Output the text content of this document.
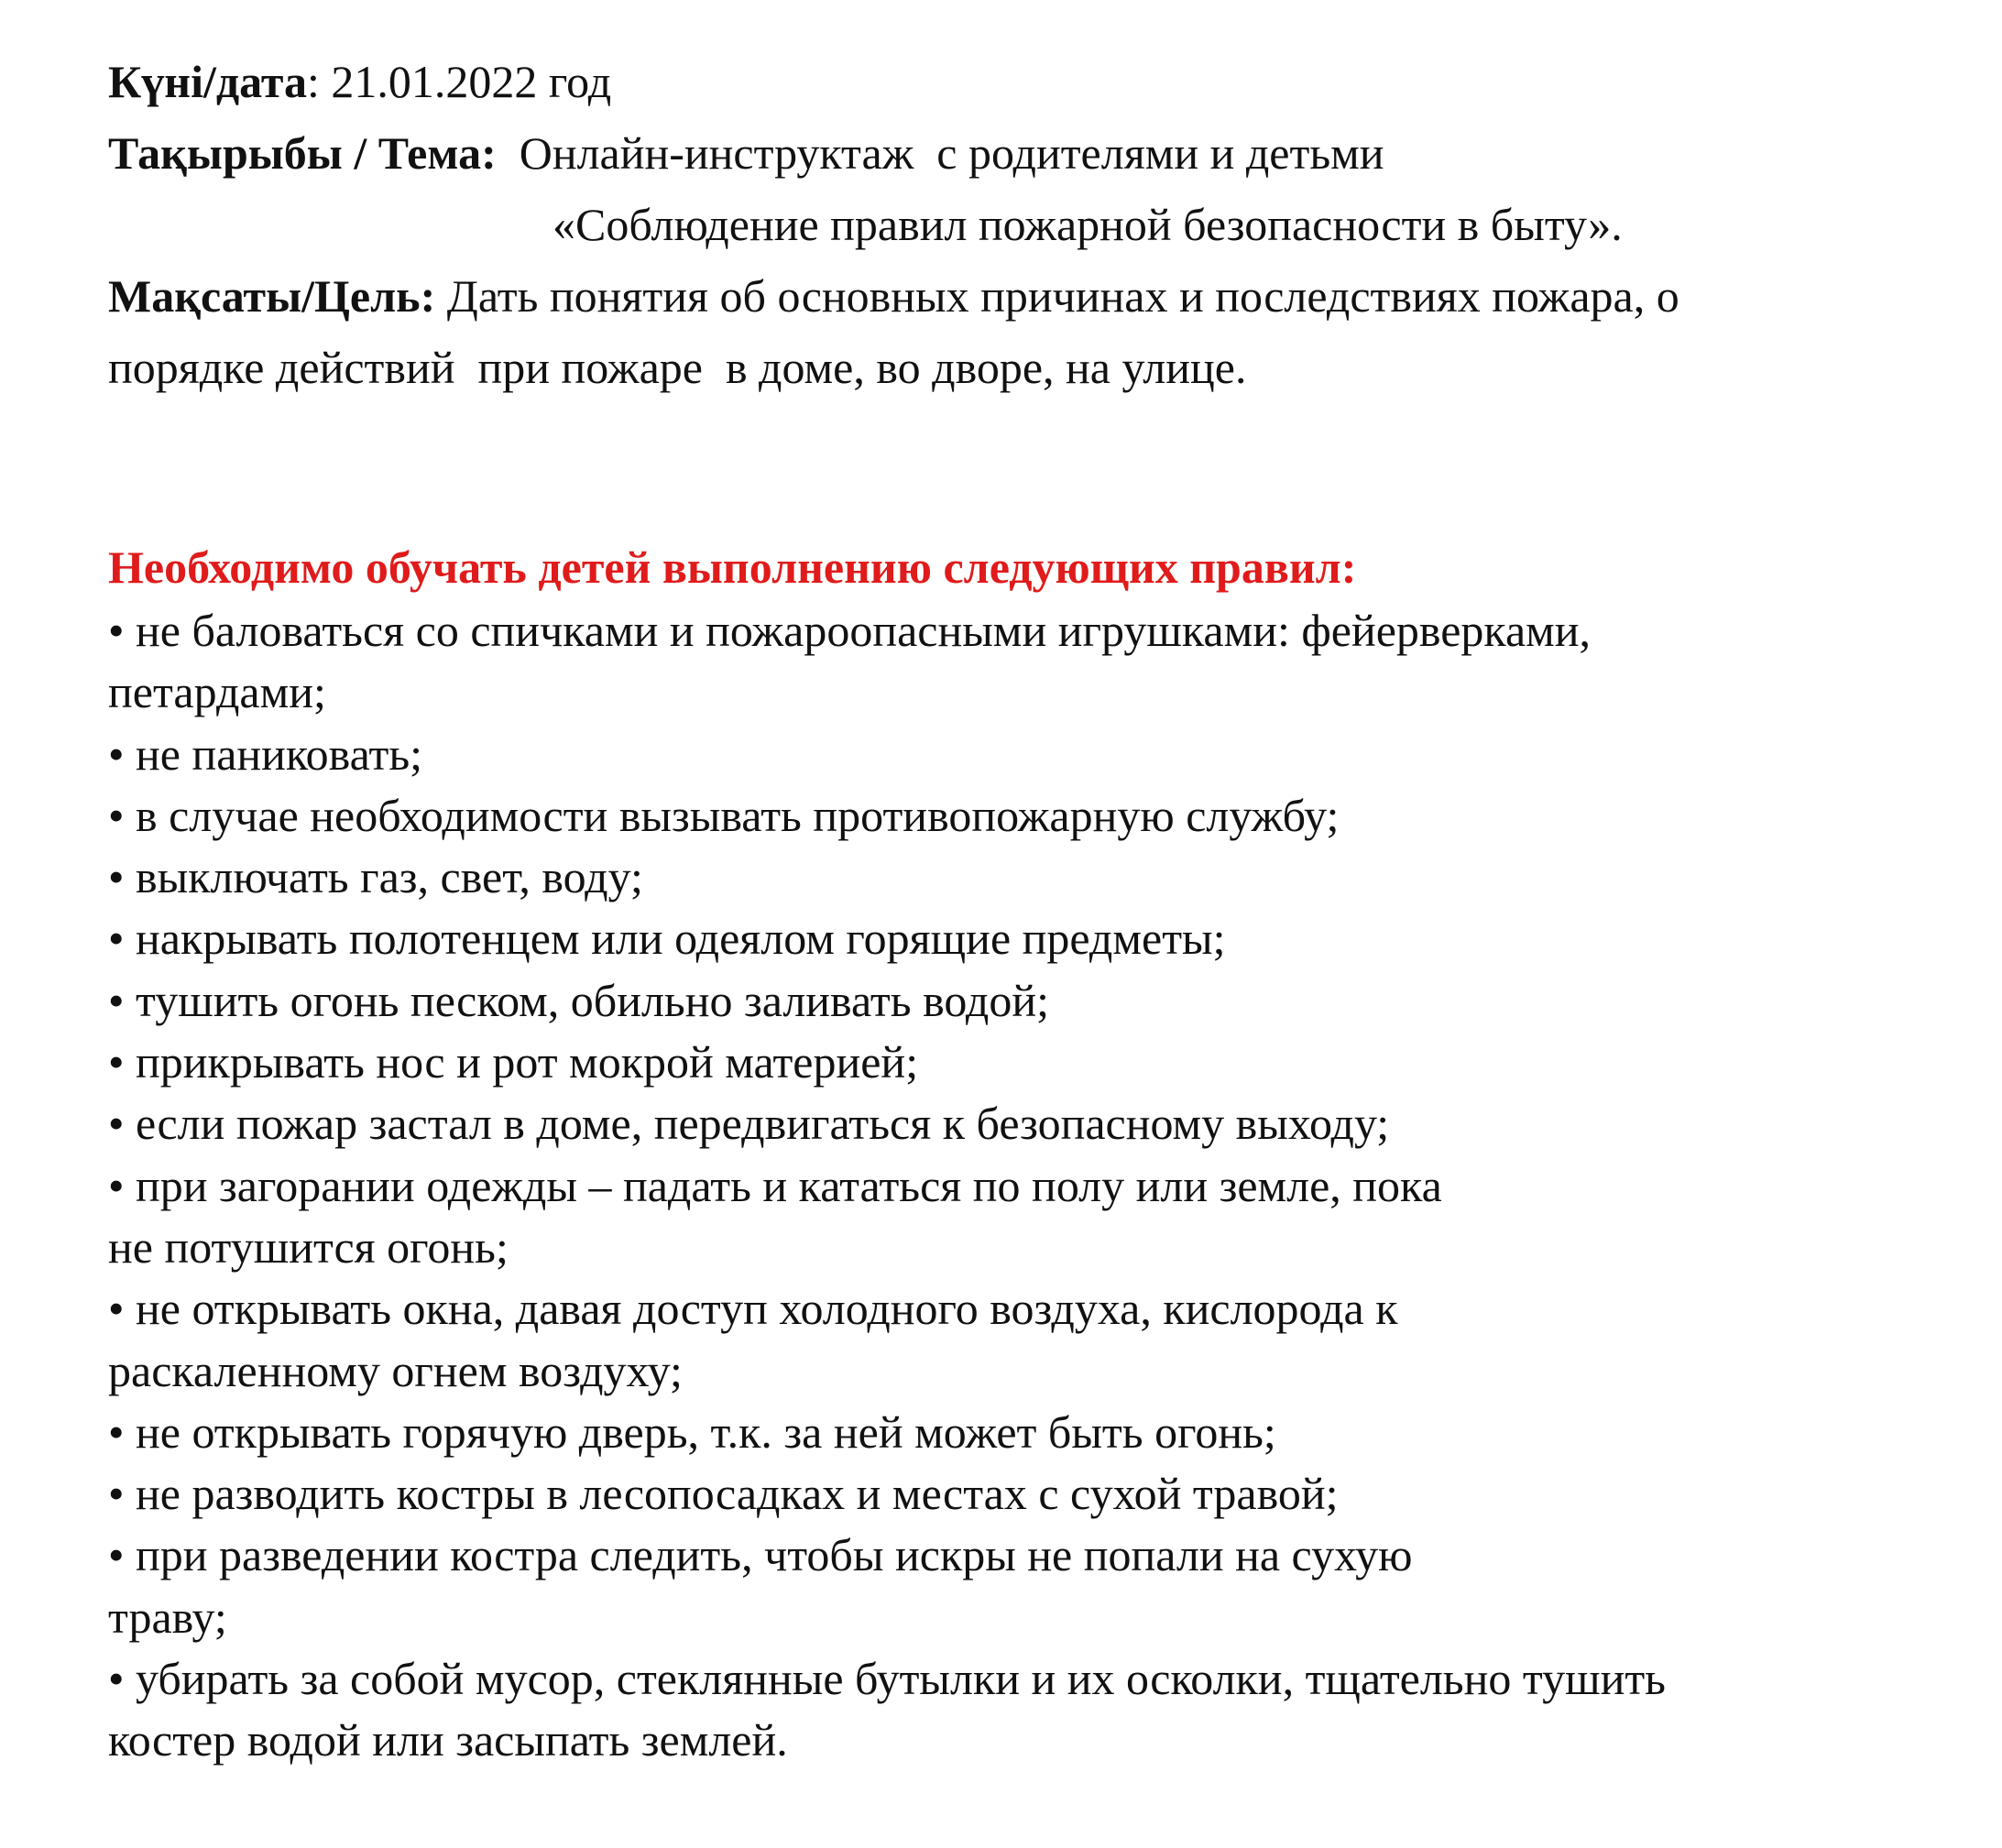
Күні/дата: 21.01.2022 год
Тақырыбы / Тема:  Онлайн-инструктаж  с родителями и детьми
«Соблюдение правил пожарной безопасности в быту».
Мақсаты/Цель: Дать понятия об основных причинах и последствиях пожара, о
порядке действий  при пожаре  в доме, во дворе, на улице.
Необходимо обучать детей выполнению следующих правил:
• не баловаться со спичками и пожароопасными игрушками: фейерверками,
петардами;
• не паниковать;
• в случае необходимости вызывать противопожарную службу;
• выключать газ, свет, воду;
• накрывать полотенцем или одеялом горящие предметы;
• тушить огонь песком, обильно заливать водой;
• прикрывать нос и рот мокрой материей;
• если пожар застал в доме, передвигаться к безопасному выходу;
• при загорании одежды – падать и кататься по полу или земле, пока
не потушится огонь;
• не открывать окна, давая доступ холодного воздуха, кислорода к
раскаленному огнем воздуху;
• не открывать горячую дверь, т.к. за ней может быть огонь;
• не разводить костры в лесопосадках и местах с сухой травой;
• при разведении костра следить, чтобы искры не попали на сухую
траву;
• убирать за собой мусор, стеклянные бутылки и их осколки, тщательно тушить
костер водой или засыпать землей.
